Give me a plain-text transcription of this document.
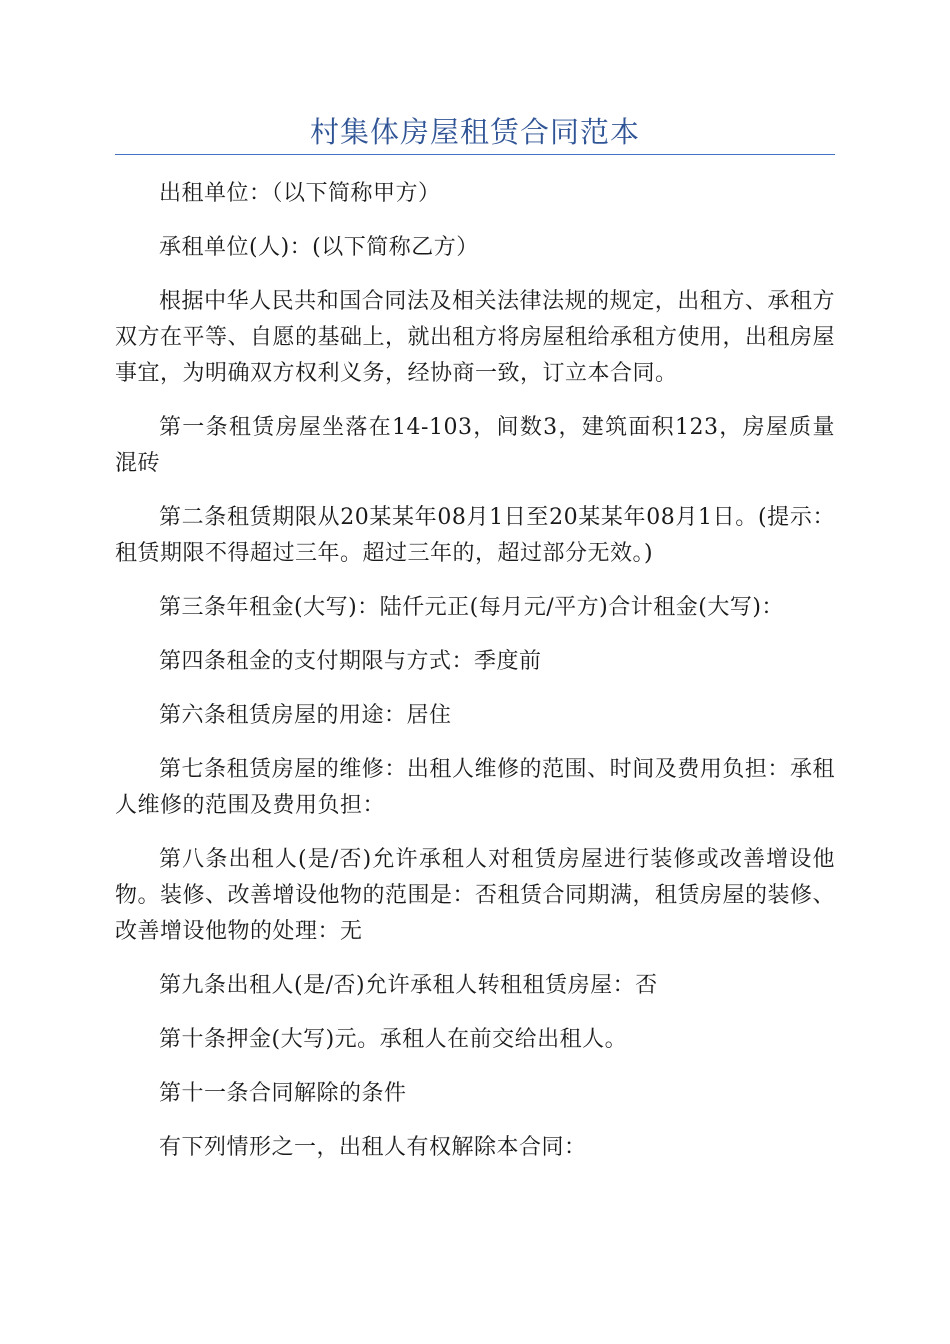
村集体房屋租赁合同范本

出租单位：（以下简称甲方）

承租单位(人)：(以下简称乙方）

根据中华人民共和国合同法及相关法律法规的规定，出租方、承租方双方在平等、自愿的基础上，就出租方将房屋租给承租方使用，出租房屋事宜，为明确双方权利义务，经协商一致，订立本合同。

第一条租赁房屋坐落在14-103，间数3，建筑面积123，房屋质量混砖

第二条租赁期限从20某某年08月1日至20某某年08月1日。(提示：租赁期限不得超过三年。超过三年的，超过部分无效。)

第三条年租金(大写)：陆仟元正(每月元/平方)合计租金(大写)：

第四条租金的支付期限与方式：季度前

第六条租赁房屋的用途：居住

第七条租赁房屋的维修：出租人维修的范围、时间及费用负担：承租人维修的范围及费用负担：

第八条出租人(是/否)允许承租人对租赁房屋进行装修或改善增设他物。装修、改善增设他物的范围是：否租赁合同期满，租赁房屋的装修、改善增设他物的处理：无

第九条出租人(是/否)允许承租人转租租赁房屋：否

第十条押金(大写)元。承租人在前交给出租人。

第十一条合同解除的条件

有下列情形之一，出租人有权解除本合同：
